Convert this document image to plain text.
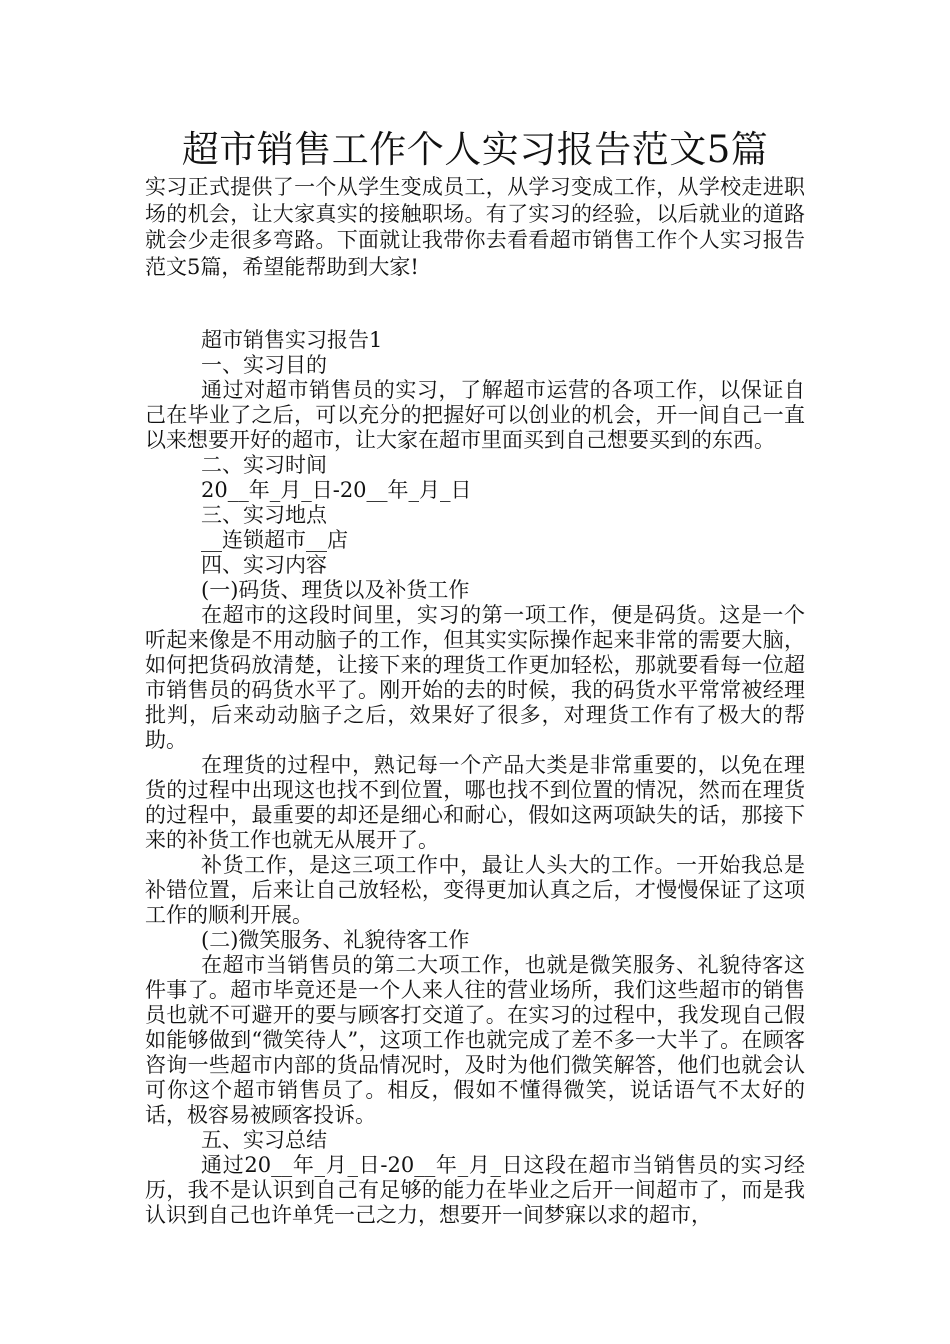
超市销售工作个人实习报告范文5篇

实习正式提供了一个从学生变成员工，从学习变成工作，从学校走进职场的机会，让大家真实的接触职场。有了实习的经验，以后就业的道路就会少走很多弯路。下面就让我带你去看看超市销售工作个人实习报告范文5篇，希望能帮助到大家!

超市销售实习报告1

一、实习目的

通过对超市销售员的实习，了解超市运营的各项工作，以保证自己在毕业了之后，可以充分的把握好可以创业的机会，开一间自己一直以来想要开好的超市，让大家在超市里面买到自己想要买到的东西。

二、实习时间

20__年_月_日-20__年_月_日

三、实习地点

__连锁超市__店

四、实习内容

(一)码货、理货以及补货工作

在超市的这段时间里，实习的第一项工作，便是码货。这是一个听起来像是不用动脑子的工作，但其实实际操作起来非常的需要大脑，如何把货码放清楚，让接下来的理货工作更加轻松，那就要看每一位超市销售员的码货水平了。刚开始的去的时候，我的码货水平常常被经理批判，后来动动脑子之后，效果好了很多，对理货工作有了极大的帮助。

在理货的过程中，熟记每一个产品大类是非常重要的，以免在理货的过程中出现这也找不到位置，哪也找不到位置的情况，然而在理货的过程中，最重要的却还是细心和耐心，假如这两项缺失的话，那接下来的补货工作也就无从展开了。

补货工作，是这三项工作中，最让人头大的工作。一开始我总是补错位置，后来让自己放轻松，变得更加认真之后，才慢慢保证了这项工作的顺利开展。

(二)微笑服务、礼貌待客工作

在超市当销售员的第二大项工作，也就是微笑服务、礼貌待客这件事了。超市毕竟还是一个人来人往的营业场所，我们这些超市的销售员也就不可避开的要与顾客打交道了。在实习的过程中，我发现自己假如能够做到“微笑待人”，这项工作也就完成了差不多一大半了。在顾客咨询一些超市内部的货品情况时，及时为他们微笑解答，他们也就会认可你这个超市销售员了。相反，假如不懂得微笑，说话语气不太好的话，极容易被顾客投诉。

五、实习总结

通过20__年_月_日-20__年_月_日这段在超市当销售员的实习经历，我不是认识到自己有足够的能力在毕业之后开一间超市了，而是我认识到自己也许单凭一己之力，想要开一间梦寐以求的超市，
